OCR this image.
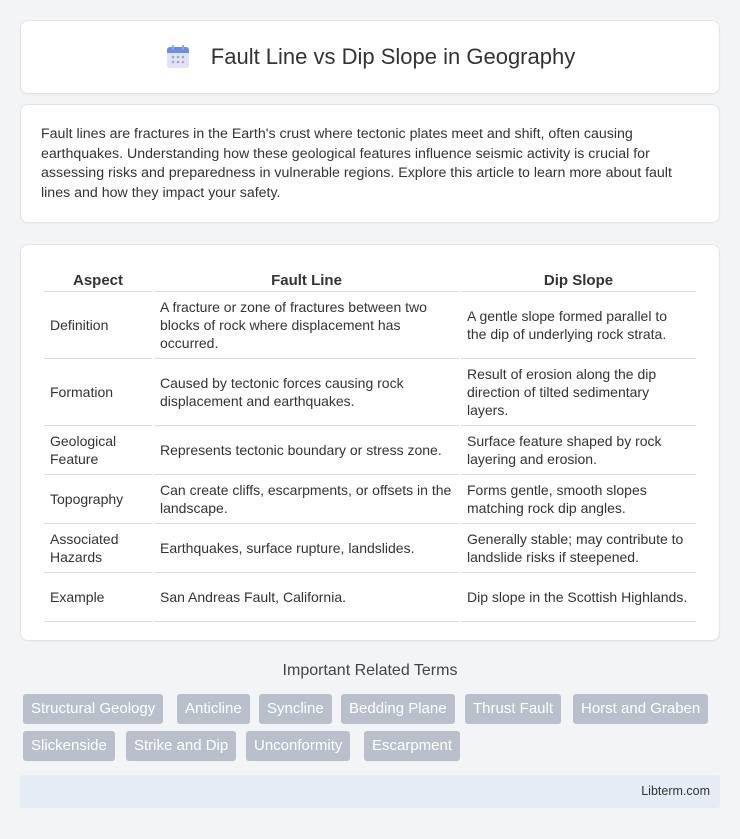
Fault Line vs Dip Slope in Geography

Fault lines are fractures in the Earth's crust where tectonic plates meet and shift, often causing earthquakes. Understanding how these geological features influence seismic activity is crucial for assessing risks and preparedness in vulnerable regions. Explore this article to learn more about fault lines and how they impact your safety.

Aspect	Fault Line	Dip Slope
Definition	A fracture or zone of fractures between two blocks of rock where displacement has occurred.	A gentle slope formed parallel to the dip of underlying rock strata.
Formation	Caused by tectonic forces causing rock displacement and earthquakes.	Result of erosion along the dip direction of tilted sedimentary layers.
Geological Feature	Represents tectonic boundary or stress zone.	Surface feature shaped by rock layering and erosion.
Topography	Can create cliffs, escarpments, or offsets in the landscape.	Forms gentle, smooth slopes matching rock dip angles.
Associated Hazards	Earthquakes, surface rupture, landslides.	Generally stable; may contribute to landslide risks if steepened.
Example	San Andreas Fault, California.	Dip slope in the Scottish Highlands.
Important Related Terms
Structural Geology	Anticline	Syncline	Bedding Plane	Thrust Fault	Horst and Graben
Slickenside	Strike and Dip	Unconformity	Escarpment
Libterm.com
